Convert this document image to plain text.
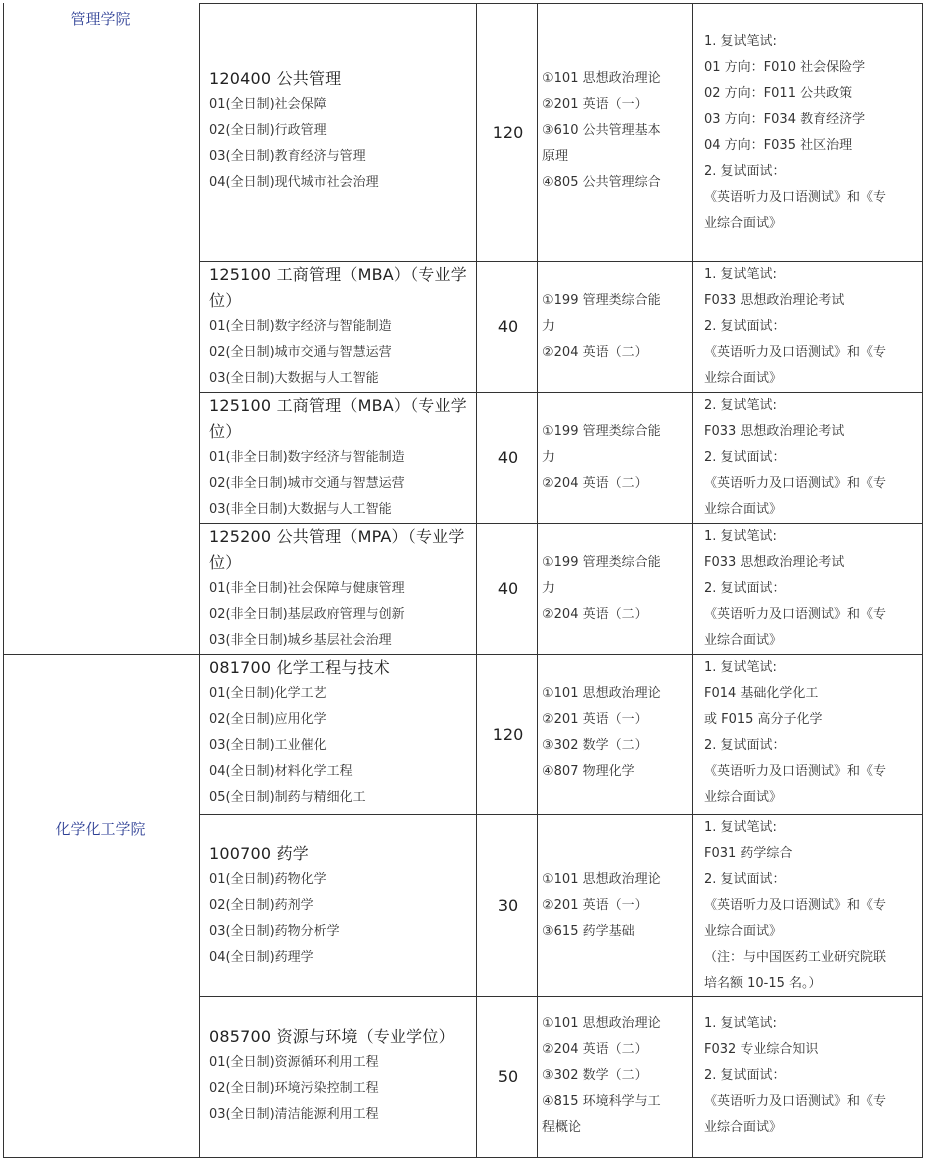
管理学院
化学化工学院
120400 公共管理
01(全日制)社会保障
02(全日制)行政管理
03(全日制)教育经济与管理
04(全日制)现代城市社会治理
120
①101 思想政治理论
②201 英语（一）
③610 公共管理基本
原理
④805 公共管理综合
1. 复试笔试:
01 方向：F010 社会保险学
02 方向：F011 公共政策
03 方向：F034 教育经济学
04 方向：F035 社区治理
2. 复试面试：
《英语听力及口语测试》和《专
业综合面试》
125100 工商管理（MBA）（专业学位）
01(全日制)数字经济与智能制造
02(全日制)城市交通与智慧运营
03(全日制)大数据与人工智能
40
①199 管理类综合能
力
②204 英语（二）
1. 复试笔试:
F033 思想政治理论考试
2. 复试面试：
《英语听力及口语测试》和《专
业综合面试》
125100 工商管理（MBA）（专业学位）
01(非全日制)数字经济与智能制造
02(非全日制)城市交通与智慧运营
03(非全日制)大数据与人工智能
40
①199 管理类综合能
力
②204 英语（二）
2. 复试笔试:
F033 思想政治理论考试
2. 复试面试：
《英语听力及口语测试》和《专
业综合面试》
125200 公共管理（MPA）（专业学位）
01(非全日制)社会保障与健康管理
02(非全日制)基层政府管理与创新
03(非全日制)城乡基层社会治理
40
①199 管理类综合能
力
②204 英语（二）
1. 复试笔试:
F033 思想政治理论考试
2. 复试面试：
《英语听力及口语测试》和《专
业综合面试》
081700 化学工程与技术
01(全日制)化学工艺
02(全日制)应用化学
03(全日制)工业催化
04(全日制)材料化学工程
05(全日制)制药与精细化工
120
①101 思想政治理论
②201 英语（一）
③302 数学（二）
④807 物理化学
1. 复试笔试:
F014 基础化学化工
或 F015 高分子化学
2. 复试面试：
《英语听力及口语测试》和《专
业综合面试》
100700 药学
01(全日制)药物化学
02(全日制)药剂学
03(全日制)药物分析学
04(全日制)药理学
30
①101 思想政治理论
②201 英语（一）
③615 药学基础
1. 复试笔试:
F031 药学综合
2. 复试面试：
《英语听力及口语测试》和《专
业综合面试》
（注：与中国医药工业研究院联
培名额 10-15 名。）
085700 资源与环境（专业学位）
01(全日制)资源循环利用工程
02(全日制)环境污染控制工程
03(全日制)清洁能源利用工程
50
①101 思想政治理论
②204 英语（二）
③302 数学（二）
④815 环境科学与工
程概论
1. 复试笔试:
F032 专业综合知识
2. 复试面试：
《英语听力及口语测试》和《专
业综合面试》
